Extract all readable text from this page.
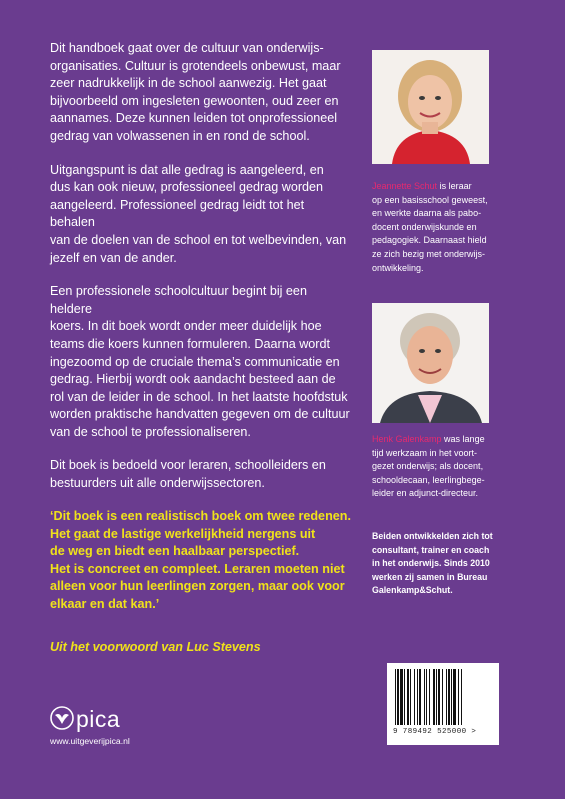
Dit handboek gaat over de cultuur van onderwijs-
organisaties. Cultuur is grotendeels onbewust, maar
zeer nadrukkelijk in de school aanwezig. Het gaat
bijvoorbeeld om ingesleten gewoonten, oud zeer en
aannames. Deze kunnen leiden tot onprofessioneel
gedrag van volwassenen in en rond de school.

Uitgangspunt is dat alle gedrag is aangeleerd, en
dus kan ook nieuw, professioneel gedrag worden
aangeleerd. Professioneel gedrag leidt tot het behalen
van de doelen van de school en tot welbevinden, van
jezelf en van de ander.

Een professionele schoolcultuur begint bij een heldere
koers. In dit boek wordt onder meer duidelijk hoe
teams die koers kunnen formuleren. Daarna wordt
ingezoomd op de cruciale thema’s communicatie en
gedrag. Hierbij wordt ook aandacht besteed aan de
rol van de leider in de school. In het laatste hoofdstuk
worden praktische handvatten gegeven om de cultuur
van de school te professionaliseren.

Dit boek is bedoeld voor leraren, schoolleiders en
bestuurders uit alle onderwijssectoren.

‘Dit boek is een realistisch boek om twee redenen.
Het gaat de lastige werkelijkheid nergens uit
de weg en biedt een haalbaar perspectief.
Het is concreet en compleet. Leraren moeten niet
alleen voor hun leerlingen zorgen, maar ook voor
elkaar en dat kan.’

Uit het voorwoord van Luc Stevens

Jeannette Schut is leraar
op een basisschool geweest,
en werkte daarna als pabo-
docent onderwijskunde en
pedagogiek. Daarnaast hield
ze zich bezig met onderwijs-
ontwikkeling.

Henk Galenkamp was lange
tijd werkzaam in het voort-
gezet onderwijs; als docent,
schooldecaan, leerlingbege-
leider en adjunct-directeur.

Beiden ontwikkelden zich tot
consultant, trainer en coach
in het onderwijs. Sinds 2010
werken zij samen in Bureau
Galenkamp&Schut.

pica
www.uitgeverijpica.nl
9 789492 525000 >
